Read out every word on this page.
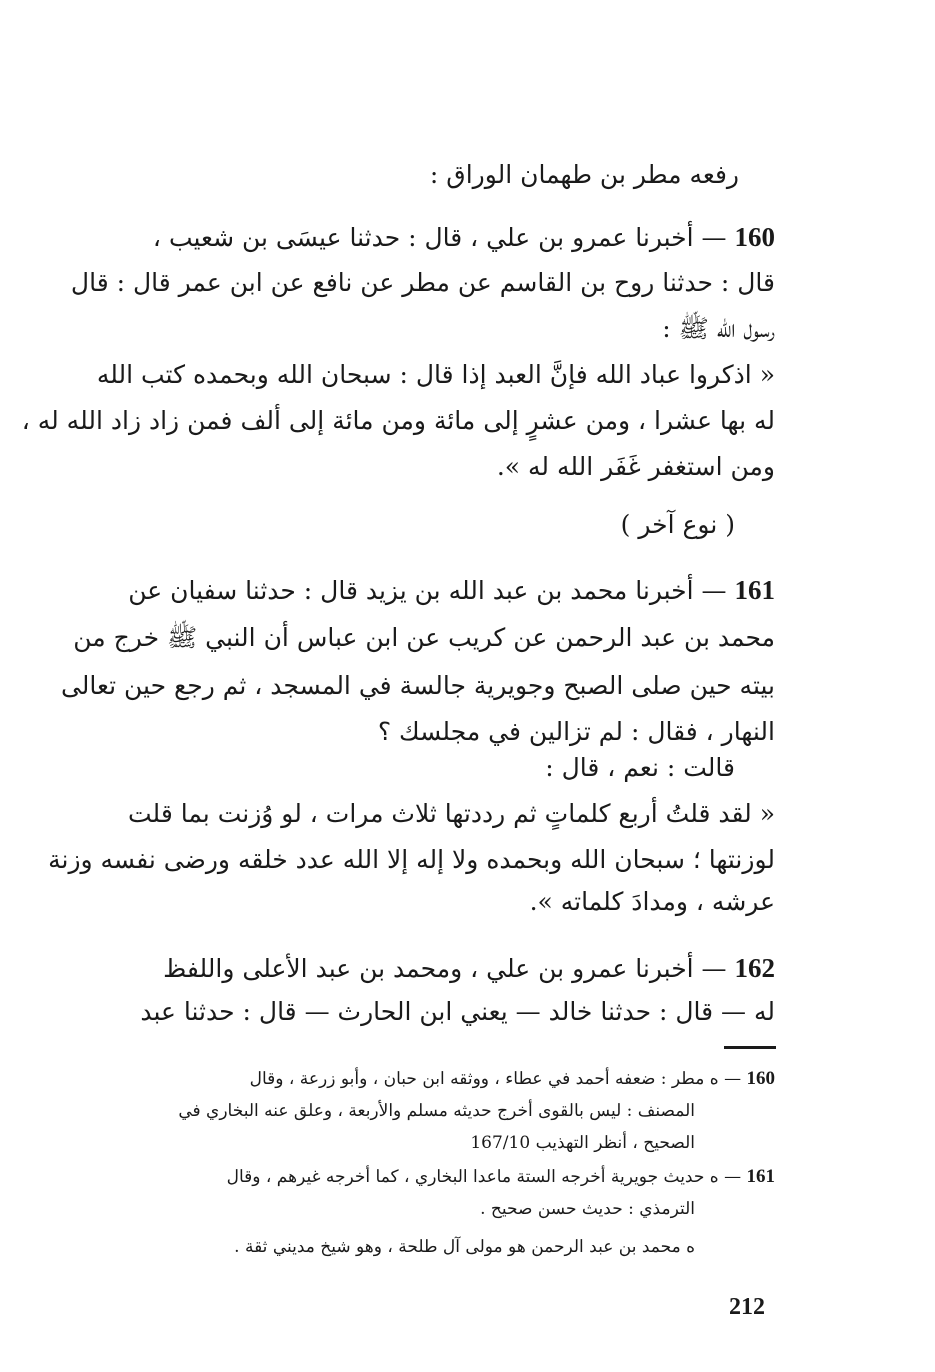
رفعه مطر بن طهمان الوراق :
160 — أخبرنا عمرو بن علي ، قال : حدثنا عيسَى بن شعيب ،
قال : حدثنا روح بن القاسم عن مطر عن نافع عن ابن عمر قال : قال
رسول الله ﷺ :
« اذكروا عباد الله فإنَّ العبد إذا قال : سبحان الله وبحمده كتب الله
له بها عشرا ، ومن عشرٍ إلى مائة ومن مائة إلى ألف فمن زاد زاد الله له ،
ومن استغفر غَفَر الله له ».
( نوع آخر )
161 — أخبرنا محمد بن عبد الله بن يزيد قال : حدثنا سفيان عن
محمد بن عبد الرحمن عن كريب عن ابن عباس أن النبي ﷺ خرج من
بيته حين صلى الصبح وجويرية جالسة في المسجد ، ثم رجع حين تعالى
النهار ، فقال : لم تزالين في مجلسك ؟
قالت : نعم ، قال :
« لقد قلتُ أربع كلماتٍ ثم رددتها ثلاث مرات ، لو وُزنت بما قلت
لوزنتها ؛ سبحان الله وبحمده ولا إله إلا الله عدد خلقه ورضى نفسه وزنة
عرشه ، ومدادَ كلماته ».
162 — أخبرنا عمرو بن علي ، ومحمد بن عبد الأعلى واللفظ
له — قال : حدثنا خالد — يعني ابن الحارث — قال : حدثنا عبد
160 — ه مطر : ضعفه أحمد في عطاء ، ووثقه ابن حبان ، وأبو زرعة ، وقال
المصنف : ليس بالقوى أخرج حديثه مسلم والأربعة ، وعلق عنه البخاري في
الصحيح ، أنظر التهذيب 167/10
161 — ه حديث جويرية أخرجه الستة ماعدا البخاري ، كما أخرجه غيرهم ، وقال
الترمذي : حديث حسن صحيح .
ه محمد بن عبد الرحمن هو مولى آل طلحة ، وهو شيخ مديني ثقة .
212
